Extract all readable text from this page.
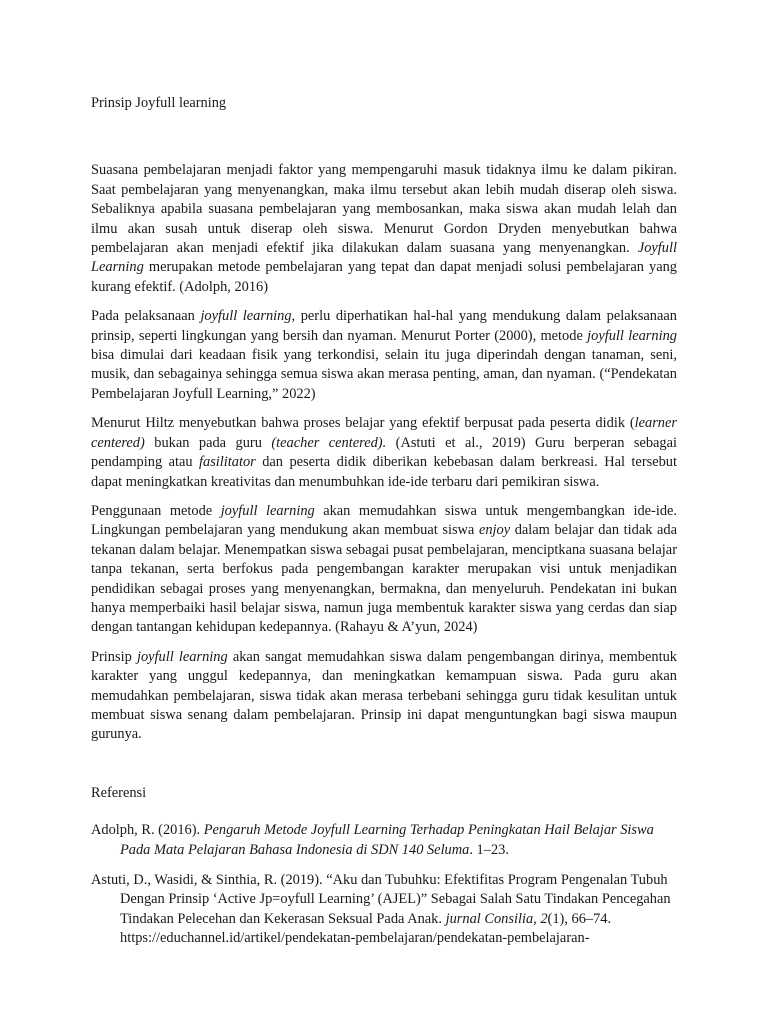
Prinsip Joyfull learning

Suasana pembelajaran menjadi faktor yang mempengaruhi masuk tidaknya ilmu ke dalam pikiran. Saat pembelajaran yang menyenangkan, maka ilmu tersebut akan lebih mudah diserap oleh siswa. Sebaliknya apabila suasana pembelajaran yang membosankan, maka siswa akan mudah lelah dan ilmu akan susah untuk diserap oleh siswa. Menurut Gordon Dryden menyebutkan bahwa pembelajaran akan menjadi efektif jika dilakukan dalam suasana yang menyenangkan. Joyfull Learning merupakan metode pembelajaran yang tepat dan dapat menjadi solusi pembelajaran yang kurang efektif. (Adolph, 2016)

Pada pelaksanaan joyfull learning, perlu diperhatikan hal-hal yang mendukung dalam pelaksanaan prinsip, seperti lingkungan yang bersih dan nyaman. Menurut Porter (2000), metode joyfull learning bisa dimulai dari keadaan fisik yang terkondisi, selain itu juga diperindah dengan tanaman, seni, musik, dan sebagainya sehingga semua siswa akan merasa penting, aman, dan nyaman. (“Pendekatan Pembelajaran Joyfull Learning,” 2022)

Menurut Hiltz menyebutkan bahwa proses belajar yang efektif berpusat pada peserta didik (learner centered) bukan pada guru (teacher centered). (Astuti et al., 2019) Guru berperan sebagai pendamping atau fasilitator dan peserta didik diberikan kebebasan dalam berkreasi. Hal tersebut dapat meningkatkan kreativitas dan menumbuhkan ide-ide terbaru dari pemikiran siswa.

Penggunaan metode joyfull learning akan memudahkan siswa untuk mengembangkan ide-ide. Lingkungan pembelajaran yang mendukung akan membuat siswa enjoy dalam belajar dan tidak ada tekanan dalam belajar. Menempatkan siswa sebagai pusat pembelajaran, menciptkana suasana belajar tanpa tekanan, serta berfokus pada pengembangan karakter merupakan visi untuk menjadikan pendidikan sebagai proses yang menyenangkan, bermakna, dan menyeluruh. Pendekatan ini bukan hanya memperbaiki hasil belajar siswa, namun juga membentuk karakter siswa yang cerdas dan siap dengan tantangan kehidupan kedepannya. (Rahayu & A’yun, 2024)

Prinsip joyfull learning akan sangat memudahkan siswa dalam pengembangan dirinya, membentuk karakter yang unggul kedepannya, dan meningkatkan kemampuan siswa. Pada guru akan memudahkan pembelajaran, siswa tidak akan merasa terbebani sehingga guru tidak kesulitan untuk membuat siswa senang dalam pembelajaran. Prinsip ini dapat menguntungkan bagi siswa maupun gurunya.

Referensi

Adolph, R. (2016). Pengaruh Metode Joyfull Learning Terhadap Peningkatan Hail Belajar Siswa Pada Mata Pelajaran Bahasa Indonesia di SDN 140 Seluma. 1–23.

Astuti, D., Wasidi, & Sinthia, R. (2019). “Aku dan Tubuhku: Efektifitas Program Pengenalan Tubuh Dengan Prinsip ‘Active Jp=oyfull Learning’ (AJEL)” Sebagai Salah Satu Tindakan Pencegahan Tindakan Pelecehan dan Kekerasan Seksual Pada Anak. jurnal Consilia, 2(1), 66–74. https://educhannel.id/artikel/pendekatan-pembelajaran/pendekatan-pembelajaran-
